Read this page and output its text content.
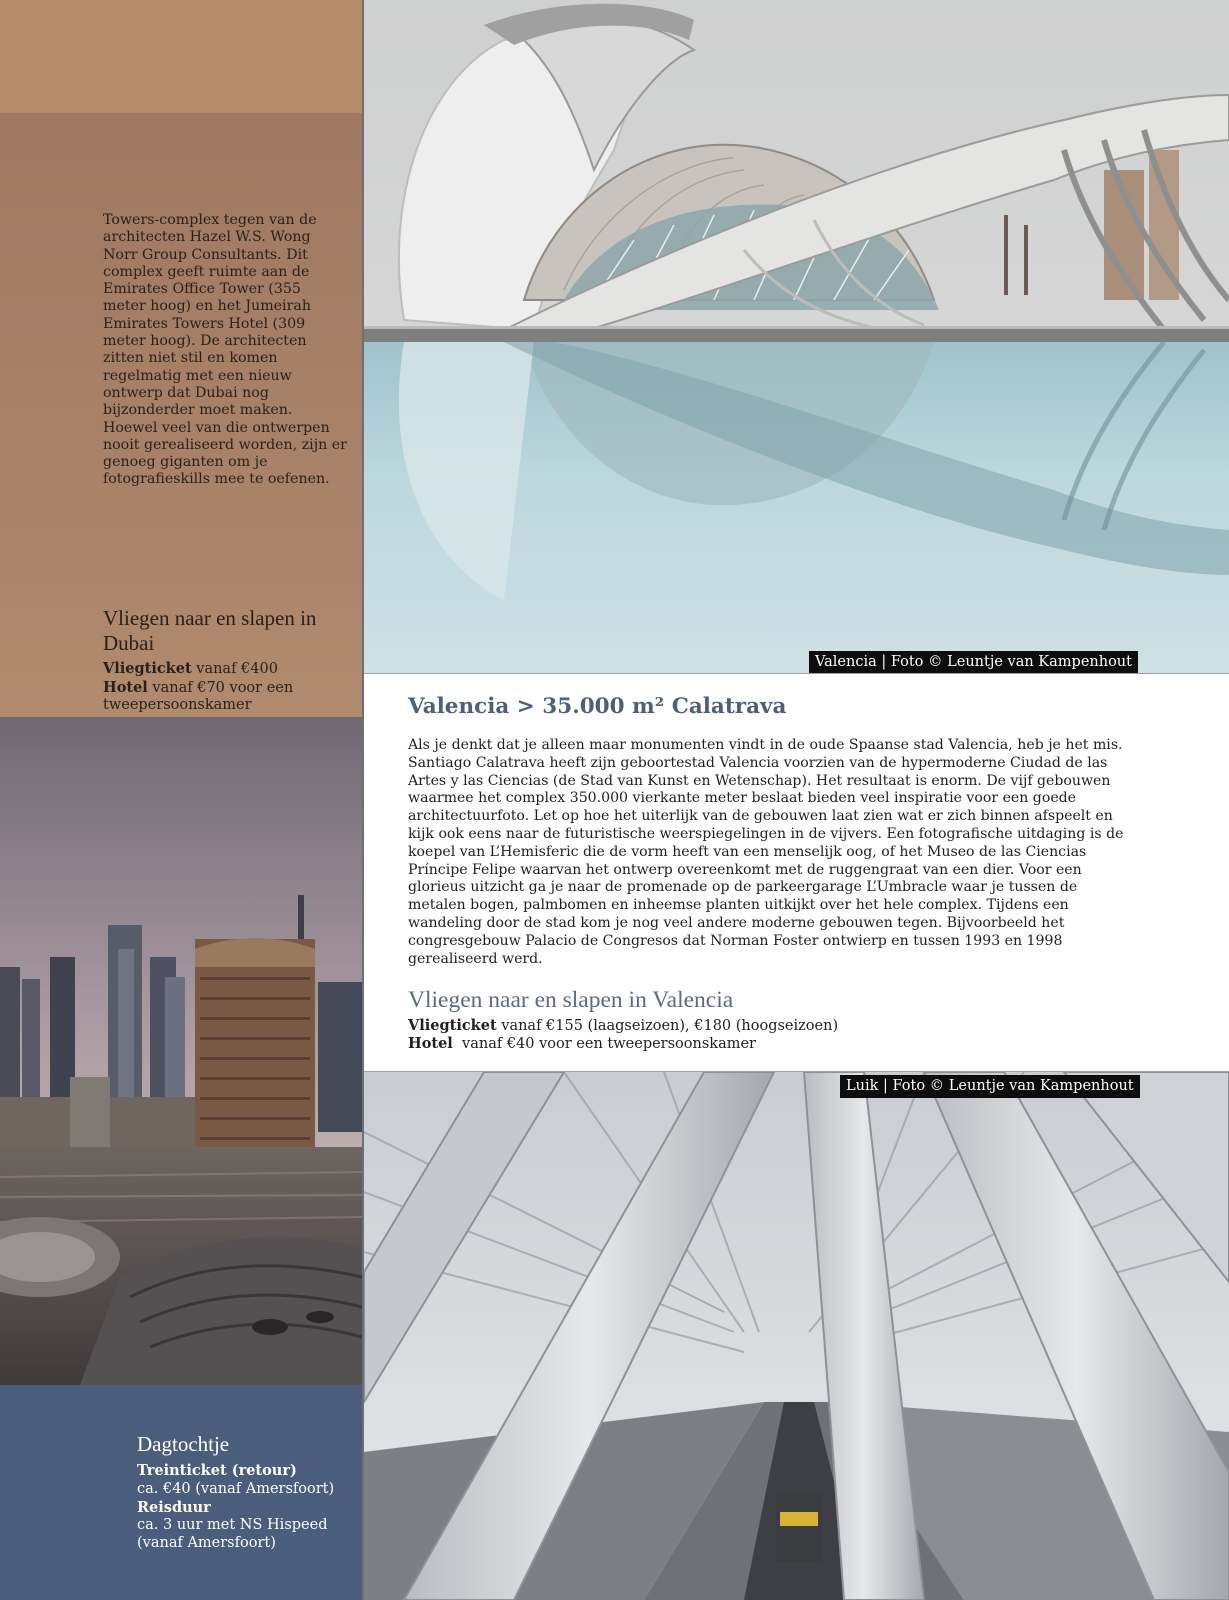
Towers-complex tegen van de architecten Hazel W.S. Wong Norr Group Consultants. Dit complex geeft ruimte aan de Emirates Office Tower (355 meter hoog) en het Jumeirah Emirates Towers Hotel (309 meter hoog). De architecten zitten niet stil en komen regelmatig met een nieuw ontwerp dat Dubai nog bijzonderder moet maken. Hoewel veel van die ontwerpen nooit gerealiseerd worden, zijn er genoeg giganten om je fotografieskills mee te oefenen.
Vliegen naar en slapen in Dubai
Vliegticket vanaf €400
Hotel vanaf €70 voor een tweepersoonskamer
Dagtochtje
Treinticket (retour)
ca. €40 (vanaf Amersfoort)
Reisduur
ca. 3 uur met NS Hispeed (vanaf Amersfoort)
Valencia | Foto © Leuntje van Kampenhout
Valencia > 35.000 m² Calatrava
Als je denkt dat je alleen maar monumenten vindt in de oude Spaanse stad Valencia, heb je het mis. Santiago Calatrava heeft zijn geboortestad Valencia voorzien van de hypermoderne Ciudad de las Artes y las Ciencias (de Stad van Kunst en Wetenschap). Het resultaat is enorm. De vijf gebouwen waarmee het complex 350.000 vierkante meter beslaat bieden veel inspiratie voor een goede architectuurfoto. Let op hoe het uiterlijk van de gebouwen laat zien wat er zich binnen afspeelt en kijk ook eens naar de futuristische weerspiegelingen in de vijvers. Een fotografische uitdaging is de koepel van L’Hemisferic die de vorm heeft van een menselijk oog, of het Museo de las Ciencias Príncipe Felipe waarvan het ontwerp overeenkomt met de ruggengraat van een dier. Voor een glorieus uitzicht ga je naar de promenade op de parkeergarage L’Umbracle waar je tussen de metalen bogen, palmbomen en inheemse planten uitkijkt over het hele complex. Tijdens een wandeling door de stad kom je nog veel andere moderne gebouwen tegen. Bijvoorbeeld het congresgebouw Palacio de Congresos dat Norman Foster ontwierp en tussen 1993 en 1998 gerealiseerd werd.
Vliegen naar en slapen in Valencia
Vliegticket vanaf €155 (laagseizoen), €180 (hoogseizoen)
Hotel vanaf €40 voor een tweepersoonskamer
Luik | Foto © Leuntje van Kampenhout
